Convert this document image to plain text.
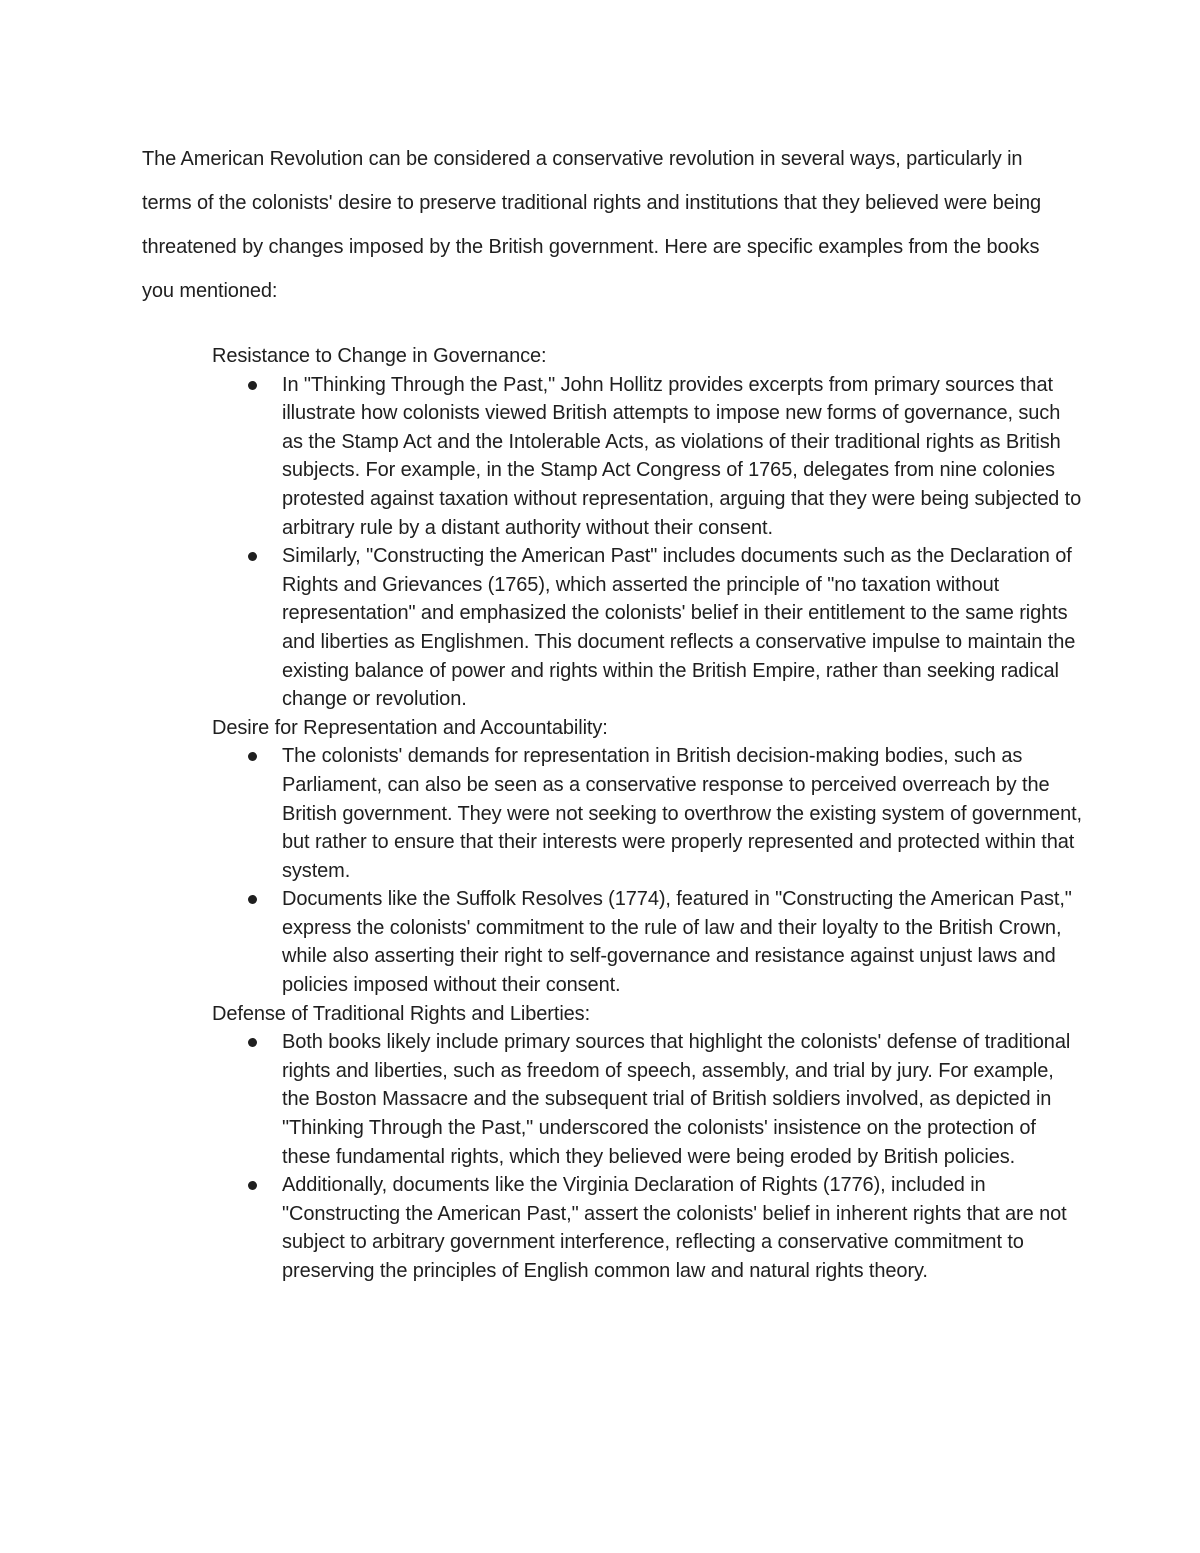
The American Revolution can be considered a conservative revolution in several ways, particularly in terms of the colonists' desire to preserve traditional rights and institutions that they believed were being threatened by changes imposed by the British government. Here are specific examples from the books you mentioned:

Resistance to Change in Governance:

In "Thinking Through the Past," John Hollitz provides excerpts from primary sources that illustrate how colonists viewed British attempts to impose new forms of governance, such as the Stamp Act and the Intolerable Acts, as violations of their traditional rights as British subjects. For example, in the Stamp Act Congress of 1765, delegates from nine colonies protested against taxation without representation, arguing that they were being subjected to arbitrary rule by a distant authority without their consent.
Similarly, "Constructing the American Past" includes documents such as the Declaration of Rights and Grievances (1765), which asserted the principle of "no taxation without representation" and emphasized the colonists' belief in their entitlement to the same rights and liberties as Englishmen. This document reflects a conservative impulse to maintain the existing balance of power and rights within the British Empire, rather than seeking radical change or revolution.

Desire for Representation and Accountability:

The colonists' demands for representation in British decision-making bodies, such as Parliament, can also be seen as a conservative response to perceived overreach by the British government. They were not seeking to overthrow the existing system of government, but rather to ensure that their interests were properly represented and protected within that system.
Documents like the Suffolk Resolves (1774), featured in "Constructing the American Past," express the colonists' commitment to the rule of law and their loyalty to the British Crown, while also asserting their right to self-governance and resistance against unjust laws and policies imposed without their consent.

Defense of Traditional Rights and Liberties:

Both books likely include primary sources that highlight the colonists' defense of traditional rights and liberties, such as freedom of speech, assembly, and trial by jury. For example, the Boston Massacre and the subsequent trial of British soldiers involved, as depicted in "Thinking Through the Past," underscored the colonists' insistence on the protection of these fundamental rights, which they believed were being eroded by British policies.
Additionally, documents like the Virginia Declaration of Rights (1776), included in "Constructing the American Past," assert the colonists' belief in inherent rights that are not subject to arbitrary government interference, reflecting a conservative commitment to preserving the principles of English common law and natural rights theory.
